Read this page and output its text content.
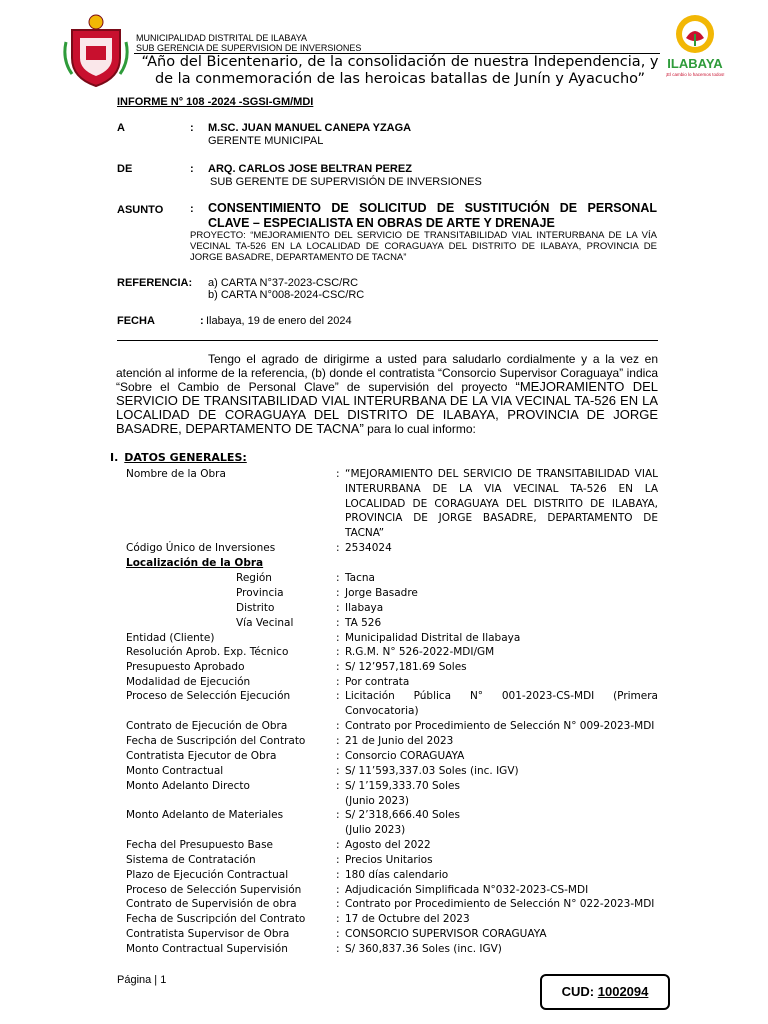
MUNICIPALIDAD DISTRITAL DE ILABAYA
SUB GERENCIA DE SUPERVISION DE INVERSIONES
“Año del Bicentenario, de la consolidación de nuestra Independencia, y
de la conmemoración de las heroicas batallas de Junín y Ayacucho”
ILABAYA
¡El cambio lo hacemos todos!
INFORME N° 108 -2024 -SGSI-GM/MDI
A	: M.SC. JUAN MANUEL CANEPA YZAGA
GERENTE MUNICIPAL
DE	: ARQ. CARLOS JOSE BELTRAN PEREZ
SUB GERENTE DE SUPERVISIÓN DE INVERSIONES
ASUNTO : CONSENTIMIENTO DE SOLICITUD DE SUSTITUCIÓN DE PERSONAL CLAVE – ESPECIALISTA EN OBRAS DE ARTE Y DRENAJE
PROYECTO: “MEJORAMIENTO DEL SERVICIO DE TRANSITABILIDAD VIAL INTERURBANA DE LA VÍA VECINAL TA-526 EN LA LOCALIDAD DE CORAGUAYA DEL DISTRITO DE ILABAYA, PROVINCIA DE JORGE BASADRE, DEPARTAMENTO DE TACNA”
REFERENCIA: a) CARTA N°37-2023-CSC/RC
b) CARTA N°008-2024-CSC/RC
FECHA	: Ilabaya, 19 de enero del 2024
Tengo el agrado de dirigirme a usted para saludarlo cordialmente y a la vez en atención al informe de la referencia, (b) donde el contratista “Consorcio Supervisor Coraguaya” indica “Sobre el Cambio de Personal Clave” de supervisión del proyecto “MEJORAMIENTO DEL SERVICIO DE TRANSITABILIDAD VIAL INTERURBANA DE LA VIA VECINAL TA-526 EN LA LOCALIDAD DE CORAGUAYA DEL DISTRITO DE ILABAYA, PROVINCIA DE JORGE BASADRE, DEPARTAMENTO DE TACNA” para lo cual informo:
I. DATOS GENERALES:
Nombre de la Obra	: “MEJORAMIENTO DEL SERVICIO DE TRANSITABILIDAD VIAL INTERURBANA DE LA VIA VECINAL TA-526 EN LA LOCALIDAD DE CORAGUAYA DEL DISTRITO DE ILABAYA, PROVINCIA DE JORGE BASADRE, DEPARTAMENTO DE TACNA”
Código Único de Inversiones	: 2534024
Localización de la Obra
Región	: Tacna
Provincia	: Jorge Basadre
Distrito	: Ilabaya
Vía Vecinal	: TA 526
Entidad (Cliente)	: Municipalidad Distrital de Ilabaya
Resolución Aprob. Exp. Técnico	: R.G.M. N° 526-2022-MDI/GM
Presupuesto Aprobado	: S/ 12’957,181.69 Soles
Modalidad de Ejecución	: Por contrata
Proceso de Selección Ejecución	: Licitación Pública N° 001-2023-CS-MDI (Primera Convocatoria)
Contrato de Ejecución de Obra	: Contrato por Procedimiento de Selección N° 009-2023-MDI
Fecha de Suscripción del Contrato	: 21 de Junio del 2023
Contratista Ejecutor de Obra	: Consorcio CORAGUAYA
Monto Contractual	: S/ 11’593,337.03 Soles (inc. IGV)
Monto Adelanto Directo	: S/ 1’159,333.70 Soles
(Junio 2023)
Monto Adelanto de Materiales	: S/ 2’318,666.40 Soles
(Julio 2023)
Fecha del Presupuesto Base	: Agosto del 2022
Sistema de Contratación	: Precios Unitarios
Plazo de Ejecución Contractual	: 180 días calendario
Proceso de Selección Supervisión	: Adjudicación Simplificada N°032-2023-CS-MDI
Contrato de Supervisión de obra	: Contrato por Procedimiento de Selección N° 022-2023-MDI
Fecha de Suscripción del Contrato	: 17 de Octubre del 2023
Contratista Supervisor de Obra	: CONSORCIO SUPERVISOR CORAGUAYA
Monto Contractual Supervisión	: S/ 360,837.36 Soles (inc. IGV)
Página | 1
CUD: 1002094
